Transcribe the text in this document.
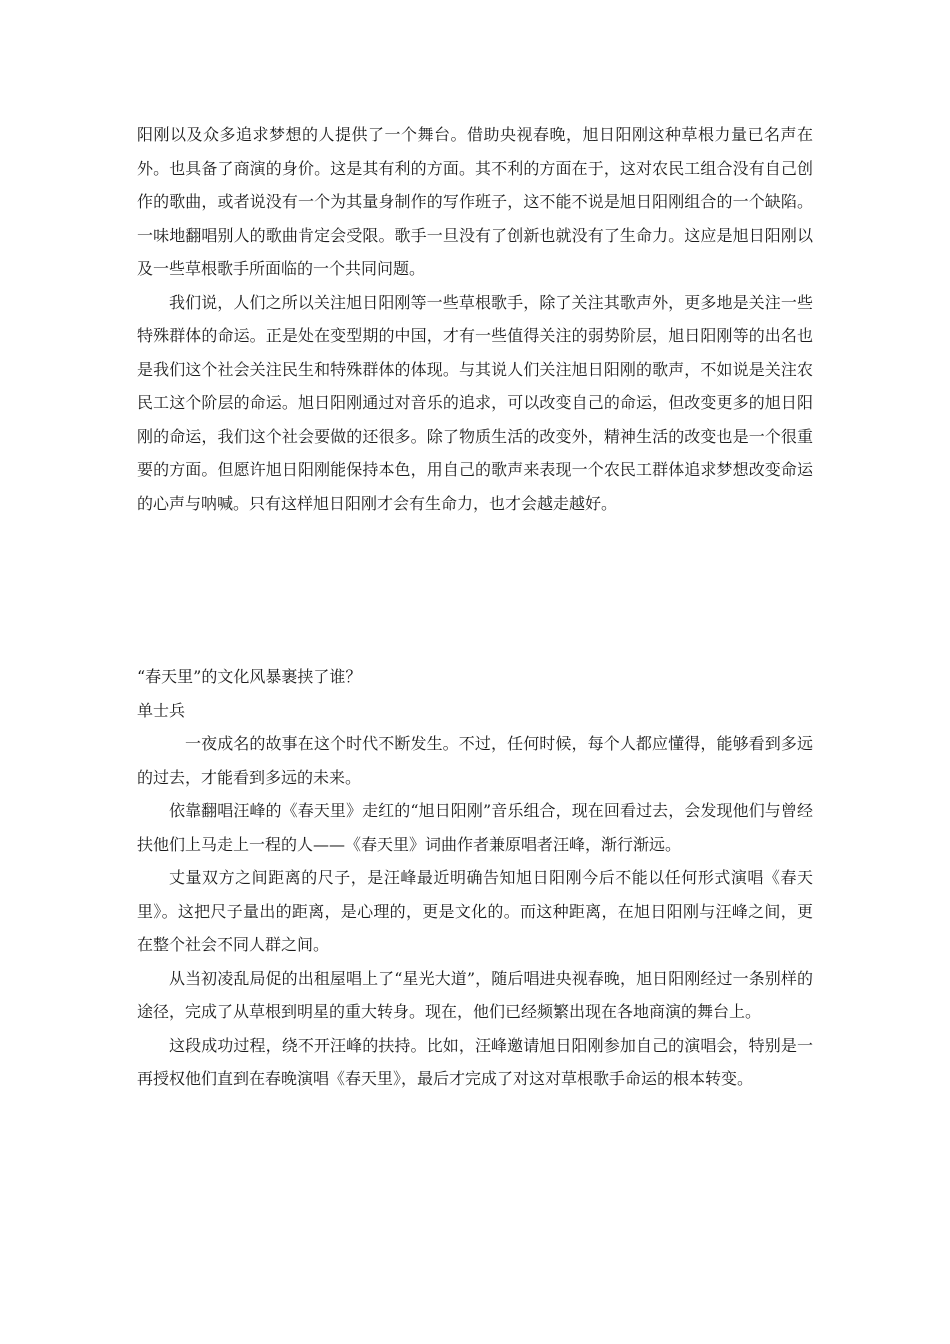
阳刚以及众多追求梦想的人提供了一个舞台。借助央视春晚，旭日阳刚这种草根力量已名声在外。也具备了商演的身价。这是其有利的方面。其不利的方面在于，这对农民工组合没有自己创作的歌曲，或者说没有一个为其量身制作的写作班子，这不能不说是旭日阳刚组合的一个缺陷。一味地翻唱别人的歌曲肯定会受限。歌手一旦没有了创新也就没有了生命力。这应是旭日阳刚以及一些草根歌手所面临的一个共同问题。

我们说，人们之所以关注旭日阳刚等一些草根歌手，除了关注其歌声外，更多地是关注一些特殊群体的命运。正是处在变型期的中国，才有一些值得关注的弱势阶层，旭日阳刚等的出名也是我们这个社会关注民生和特殊群体的体现。与其说人们关注旭日阳刚的歌声，不如说是关注农民工这个阶层的命运。旭日阳刚通过对音乐的追求，可以改变自己的命运，但改变更多的旭日阳刚的命运，我们这个社会要做的还很多。除了物质生活的改变外，精神生活的改变也是一个很重要的方面。但愿许旭日阳刚能保持本色，用自己的歌声来表现一个农民工群体追求梦想改变命运的心声与呐喊。只有这样旭日阳刚才会有生命力，也才会越走越好。

“春天里”的文化风暴裹挟了谁？

单士兵

一夜成名的故事在这个时代不断发生。不过，任何时候，每个人都应懂得，能够看到多远的过去，才能看到多远的未来。

依靠翻唱汪峰的《春天里》走红的“旭日阳刚”音乐组合，现在回看过去，会发现他们与曾经扶他们上马走上一程的人——《春天里》词曲作者兼原唱者汪峰，渐行渐远。

丈量双方之间距离的尺子，是汪峰最近明确告知旭日阳刚今后不能以任何形式演唱《春天里》。这把尺子量出的距离，是心理的，更是文化的。而这种距离，在旭日阳刚与汪峰之间，更在整个社会不同人群之间。

从当初凌乱局促的出租屋唱上了“星光大道”，随后唱进央视春晚，旭日阳刚经过一条别样的途径，完成了从草根到明星的重大转身。现在，他们已经频繁出现在各地商演的舞台上。

这段成功过程，绕不开汪峰的扶持。比如，汪峰邀请旭日阳刚参加自己的演唱会，特别是一再授权他们直到在春晚演唱《春天里》，最后才完成了对这对草根歌手命运的根本转变。
